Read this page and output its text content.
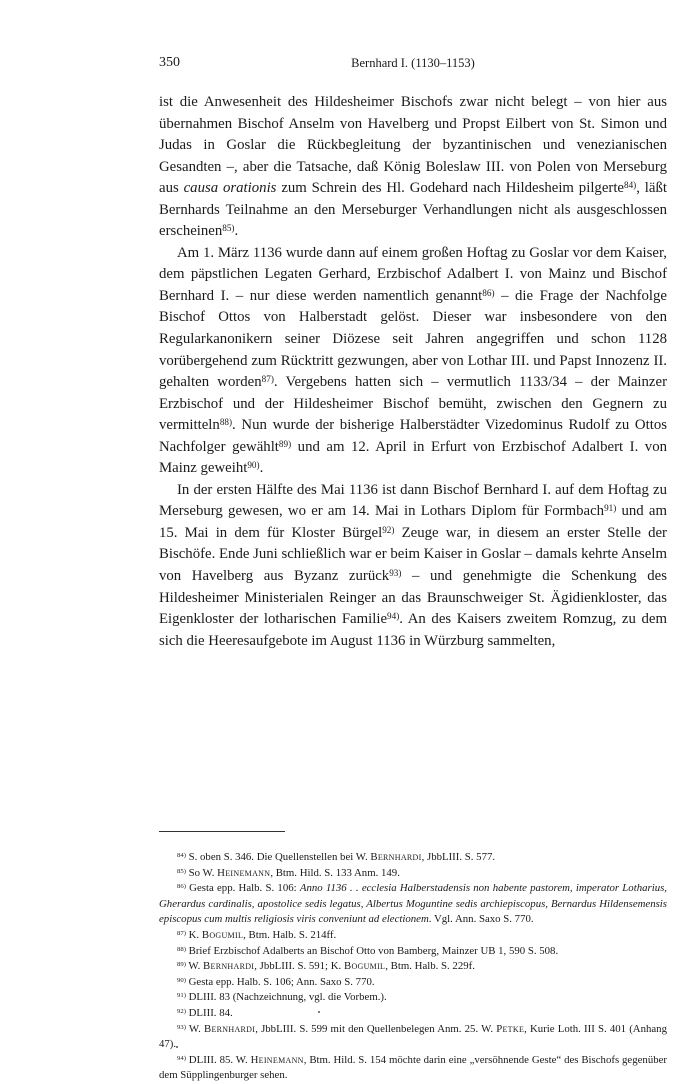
350	Bernhard I. (1130–1153)

ist die Anwesenheit des Hildesheimer Bischofs zwar nicht belegt – von hier aus übernahmen Bischof Anselm von Havelberg und Propst Eilbert von St. Simon und Judas in Goslar die Rückbegleitung der byzantinischen und venezianischen Gesandten –, aber die Tatsache, daß König Boleslaw III. von Polen von Merseburg aus causa orationis zum Schrein des Hl. Godehard nach Hildesheim pilgerte$^{84)}$, läßt Bernhards Teilnahme an den Merseburger Verhandlungen nicht als ausgeschlossen erscheinen$^{85)}$.

Am 1. März 1136 wurde dann auf einem großen Hoftag zu Goslar vor dem Kaiser, dem päpstlichen Legaten Gerhard, Erzbischof Adalbert I. von Mainz und Bischof Bernhard I. – nur diese werden namentlich genannt$^{86)}$ – die Frage der Nachfolge Bischof Ottos von Halberstadt gelöst. Dieser war insbesondere von den Regularkanonikern seiner Diözese seit Jahren angegriffen und schon 1128 vorübergehend zum Rücktritt gezwungen, aber von Lothar III. und Papst Innozenz II. gehalten worden$^{87)}$. Vergebens hatten sich – vermutlich 1133/34 – der Mainzer Erzbischof und der Hildesheimer Bischof bemüht, zwischen den Gegnern zu vermitteln$^{88)}$. Nun wurde der bisherige Halberstädter Vizedominus Rudolf zu Ottos Nachfolger gewählt$^{89)}$ und am 12. April in Erfurt von Erzbischof Adalbert I. von Mainz geweiht$^{90)}$.

In der ersten Hälfte des Mai 1136 ist dann Bischof Bernhard I. auf dem Hoftag zu Merseburg gewesen, wo er am 14. Mai in Lothars Diplom für Formbach$^{91)}$ und am 15. Mai in dem für Kloster Bürgel$^{92)}$ Zeuge war, in diesem an erster Stelle der Bischöfe. Ende Juni schließlich war er beim Kaiser in Goslar – damals kehrte Anselm von Havelberg aus Byzanz zurück$^{93)}$ – und genehmigte die Schenkung des Hildesheimer Ministerialen Reinger an das Braunschweiger St. Ägidienkloster, das Eigenkloster der lotharischen Familie$^{94)}$. An des Kaisers zweitem Romzug, zu dem sich die Heeresaufgebote im August 1136 in Würzburg sammelten,

$^{84)}$ S. oben S. 346. Die Quellenstellen bei W. Bernhardi, JbbLIII. S. 577.

$^{85)}$ So W. Heinemann, Btm. Hild. S. 133 Anm. 149.

$^{86)}$ Gesta epp. Halb. S. 106: Anno 1136 . . ecclesia Halberstadensis non habente pastorem, imperator Lotharius, Gherardus cardinalis, apostolice sedis legatus, Albertus Moguntine sedis archiepiscopus, Bernardus Hildensemensis episcopus cum multis religiosis viris conveniunt ad electionem. Vgl. Ann. Saxo S. 770.

$^{87)}$ K. Bogumil, Btm. Halb. S. 214ff.

$^{88)}$ Brief Erzbischof Adalberts an Bischof Otto von Bamberg, Mainzer UB 1, 590 S. 508.

$^{89)}$ W. Bernhardi, JbbLIII. S. 591; K. Bogumil, Btm. Halb. S. 229f.

$^{90)}$ Gesta epp. Halb. S. 106; Ann. Saxo S. 770.

$^{91)}$ DLIII. 83 (Nachzeichnung, vgl. die Vorbem.).

$^{92)}$ DLIII. 84.

$^{93)}$ W. Bernhardi, JbbLIII. S. 599 mit den Quellenbelegen Anm. 25. W. Petke, Kurie Loth. III S. 401 (Anhang 47).

$^{94)}$ DLIII. 85. W. Heinemann, Btm. Hild. S. 154 möchte darin eine „versöhnende Geste“ des Bischofs gegenüber dem Süpplingenburger sehen.
